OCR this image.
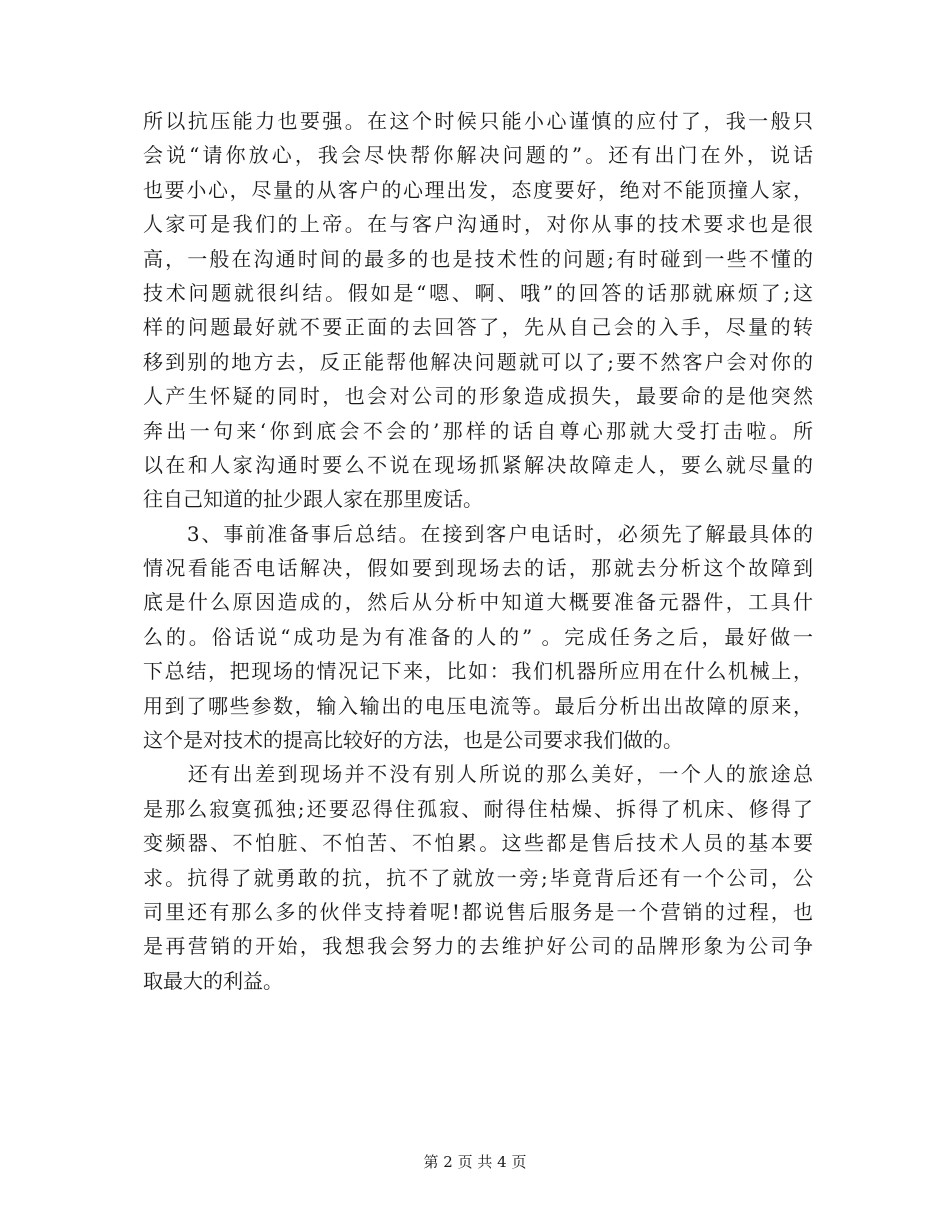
所以抗压能力也要强。在这个时候只能小心谨慎的应付了，我一般只
会说“请你放心，我会尽快帮你解决问题的”。还有出门在外，说话
也要小心，尽量的从客户的心理出发，态度要好，绝对不能顶撞人家，
人家可是我们的上帝。在与客户沟通时，对你从事的技术要求也是很
高，一般在沟通时间的最多的也是技术性的问题;有时碰到一些不懂的
技术问题就很纠结。假如是“嗯、啊、哦”的回答的话那就麻烦了;这
样的问题最好就不要正面的去回答了，先从自己会的入手，尽量的转
移到别的地方去，反正能帮他解决问题就可以了;要不然客户会对你的
人产生怀疑的同时，也会对公司的形象造成损失，最要命的是他突然
奔出一句来‘你到底会不会的’那样的话自尊心那就大受打击啦。所
以在和人家沟通时要么不说在现场抓紧解决故障走人，要么就尽量的
往自己知道的扯少跟人家在那里废话。
　　3、事前准备事后总结。在接到客户电话时，必须先了解最具体的
情况看能否电话解决，假如要到现场去的话，那就去分析这个故障到
底是什么原因造成的，然后从分析中知道大概要准备元器件，工具什
么的。俗话说“成功是为有准备的人的” 。完成任务之后，最好做一
下总结，把现场的情况记下来，比如：我们机器所应用在什么机械上，
用到了哪些参数，输入输出的电压电流等。最后分析出出故障的原来，
这个是对技术的提高比较好的方法，也是公司要求我们做的。
　　还有出差到现场并不没有别人所说的那么美好，一个人的旅途总
是那么寂寞孤独;还要忍得住孤寂、耐得住枯燥、拆得了机床、修得了
变频器、不怕脏、不怕苦、不怕累。这些都是售后技术人员的基本要
求。抗得了就勇敢的抗，抗不了就放一旁;毕竟背后还有一个公司，公
司里还有那么多的伙伴支持着呢!都说售后服务是一个营销的过程，也
是再营销的开始，我想我会努力的去维护好公司的品牌形象为公司争
取最大的利益。
第 2 页 共 4 页
